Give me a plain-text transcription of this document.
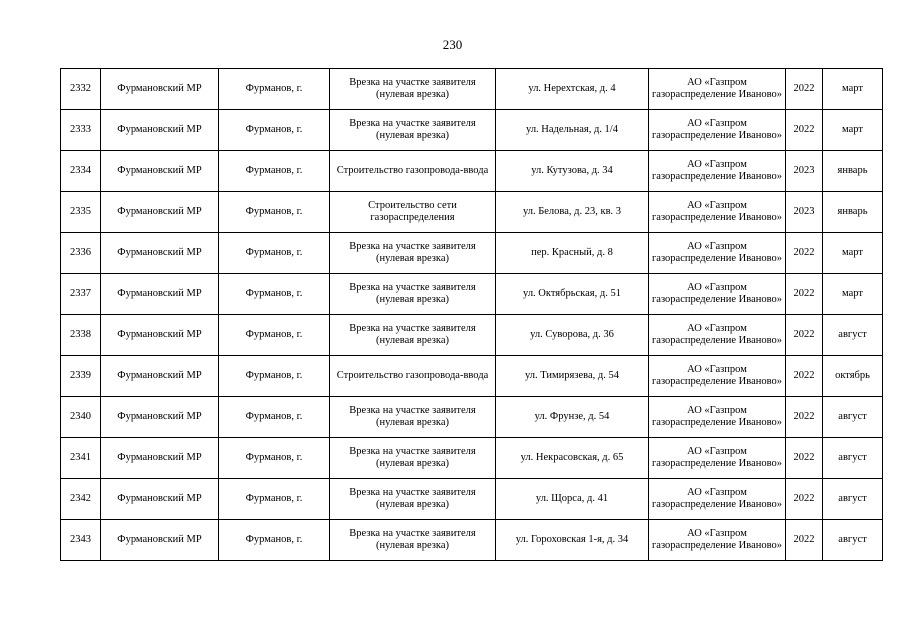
230
2332	Фурмановский МР	Фурманов, г.	Врезка на участке заявителя (нулевая врезка)	ул. Нерехтская, д. 4	АО «Газпром газораспределение Иваново»	2022	март
2333	Фурмановский МР	Фурманов, г.	Врезка на участке заявителя (нулевая врезка)	ул. Надельная, д. 1/4	АО «Газпром газораспределение Иваново»	2022	март
2334	Фурмановский МР	Фурманов, г.	Строительство газопровода-ввода	ул. Кутузова, д. 34	АО «Газпром газораспределение Иваново»	2023	январь
2335	Фурмановский МР	Фурманов, г.	Строительство сети газораспределения	ул. Белова, д. 23, кв. 3	АО «Газпром газораспределение Иваново»	2023	январь
2336	Фурмановский МР	Фурманов, г.	Врезка на участке заявителя (нулевая врезка)	пер. Красный, д. 8	АО «Газпром газораспределение Иваново»	2022	март
2337	Фурмановский МР	Фурманов, г.	Врезка на участке заявителя (нулевая врезка)	ул. Октябрьская, д. 51	АО «Газпром газораспределение Иваново»	2022	март
2338	Фурмановский МР	Фурманов, г.	Врезка на участке заявителя (нулевая врезка)	ул. Суворова, д. 36	АО «Газпром газораспределение Иваново»	2022	август
2339	Фурмановский МР	Фурманов, г.	Строительство газопровода-ввода	ул. Тимирязева, д. 54	АО «Газпром газораспределение Иваново»	2022	октябрь
2340	Фурмановский МР	Фурманов, г.	Врезка на участке заявителя (нулевая врезка)	ул. Фрунзе, д. 54	АО «Газпром газораспределение Иваново»	2022	август
2341	Фурмановский МР	Фурманов, г.	Врезка на участке заявителя (нулевая врезка)	ул. Некрасовская, д. 65	АО «Газпром газораспределение Иваново»	2022	август
2342	Фурмановский МР	Фурманов, г.	Врезка на участке заявителя (нулевая врезка)	ул. Щорса, д. 41	АО «Газпром газораспределение Иваново»	2022	август
2343	Фурмановский МР	Фурманов, г.	Врезка на участке заявителя (нулевая врезка)	ул. Гороховская 1-я, д. 34	АО «Газпром газораспределение Иваново»	2022	август
